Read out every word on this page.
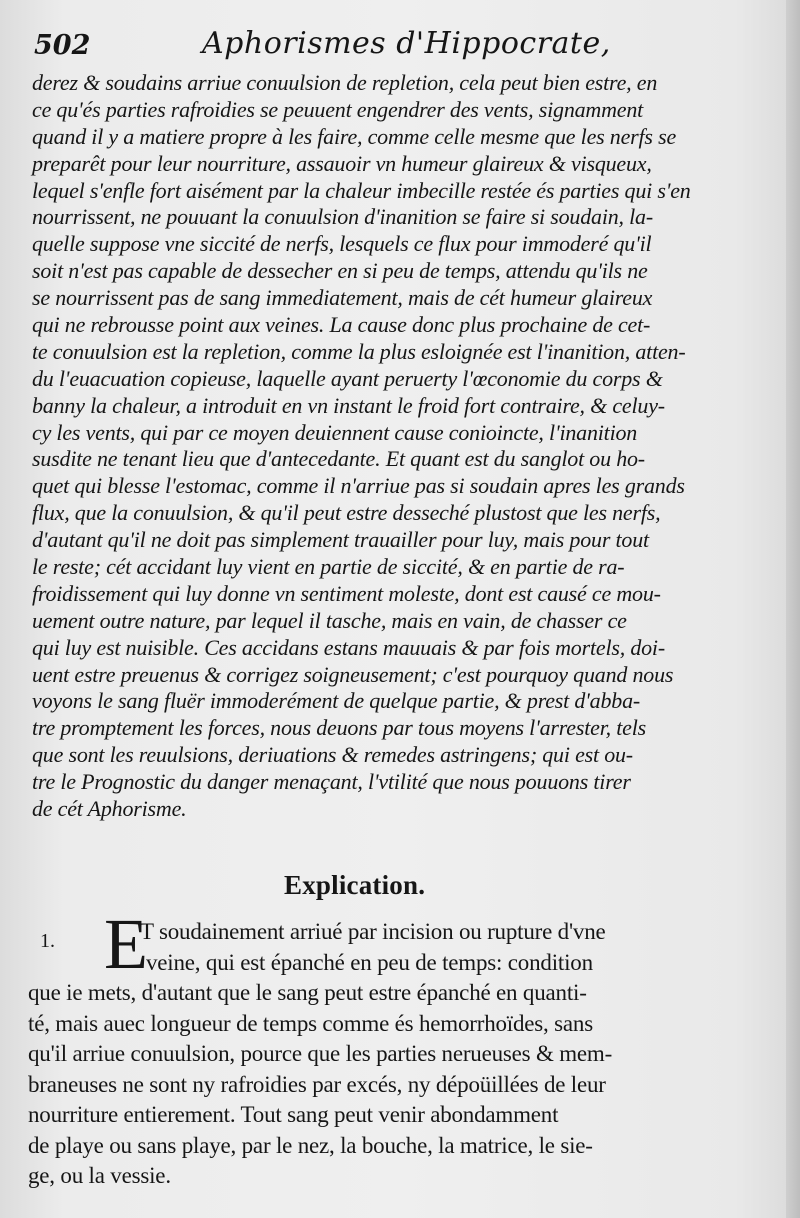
502	Aphorismes d'Hippocrate,
derez & soudains arriue conuulsion de repletion, cela peut bien estre, en
ce qu'és parties rafroidies se peuuent engendrer des vents, signamment
quand il y a matiere propre à les faire, comme celle mesme que les nerfs se
preparêt pour leur nourriture, assauoir vn humeur glaireux & visqueux,
lequel s'enfle fort aisément par la chaleur imbecille restée és parties qui s'en
nourrissent, ne pouuant la conuulsion d'inanition se faire si soudain, la-
quelle suppose vne siccité de nerfs, lesquels ce flux pour immoderé qu'il
soit n'est pas capable de dessecher en si peu de temps, attendu qu'ils ne
se nourrissent pas de sang immediatement, mais de cét humeur glaireux
qui ne rebrousse point aux veines. La cause donc plus prochaine de cet-
te conuulsion est la repletion, comme la plus esloignée est l'inanition, atten-
du l'euacuation copieuse, laquelle ayant peruerty l'œconomie du corps &
banny la chaleur, a introduit en vn instant le froid fort contraire, & celuy-
cy les vents, qui par ce moyen deuiennent cause conioincte, l'inanition
susdite ne tenant lieu que d'antecedante. Et quant est du sanglot ou ho-
quet qui blesse l'estomac, comme il n'arriue pas si soudain apres les grands
flux, que la conuulsion, & qu'il peut estre desseché plustost que les nerfs,
d'autant qu'il ne doit pas simplement trauailler pour luy, mais pour tout
le reste; cét accidant luy vient en partie de siccité, & en partie de ra-
froidissement qui luy donne vn sentiment moleste, dont est causé ce mou-
uement outre nature, par lequel il tasche, mais en vain, de chasser ce
qui luy est nuisible. Ces accidans estans mauuais & par fois mortels, doi-
uent estre preuenus & corrigez soigneusement; c'est pourquoy quand nous
voyons le sang fluër immoderément de quelque partie, & prest d'abba-
tre promptement les forces, nous deuons par tous moyens l'arrester, tels
que sont les reuulsions, deriuations & remedes astringens; qui est ou-
tre le Prognostic du danger menaçant, l'vtilité que nous pouuons tirer
de cét Aphorisme.
Explication.
1. E
T soudainement arriué par incision ou rupture d'vne
veine, qui est épanché en peu de temps: condition
que ie mets, d'autant que le sang peut estre épanché en quanti-
té, mais auec longueur de temps comme és hemorrhoïdes, sans
qu'il arriue conuulsion, pource que les parties nerueuses & mem-
braneuses ne sont ny rafroidies par excés, ny dépoüillées de leur
nourriture entierement. Tout sang peut venir abondamment
de playe ou sans playe, par le nez, la bouche, la matrice, le sie-
ge, ou la vessie.
